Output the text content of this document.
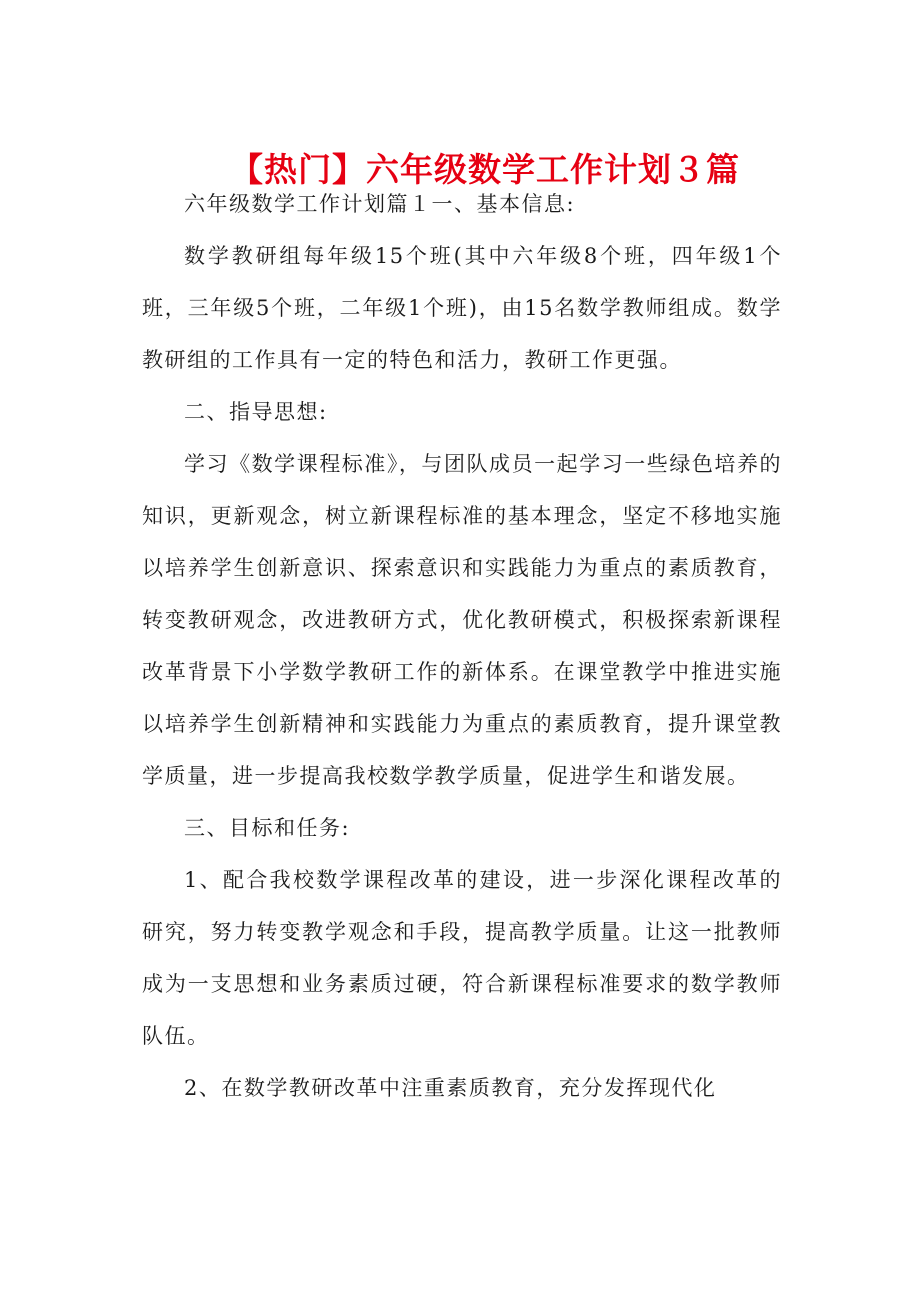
【热门】六年级数学工作计划３篇

六年级数学工作计划篇１一、基本信息:

数学教研组每年级15个班(其中六年级8个班，四年级1个班，三年级5个班，二年级1个班)，由15名数学教师组成。数学教研组的工作具有一定的特色和活力，教研工作更强。

二、指导思想:

学习《数学课程标准》，与团队成员一起学习一些绿色培养的知识，更新观念，树立新课程标准的基本理念，坚定不移地实施以培养学生创新意识、探索意识和实践能力为重点的素质教育，转变教研观念，改进教研方式，优化教研模式，积极探索新课程改革背景下小学数学教研工作的新体系。在课堂教学中推进实施以培养学生创新精神和实践能力为重点的素质教育，提升课堂教学质量，进一步提高我校数学教学质量，促进学生和谐发展。

三、目标和任务:

1、配合我校数学课程改革的建设，进一步深化课程改革的研究，努力转变教学观念和手段，提高教学质量。让这一批教师成为一支思想和业务素质过硬，符合新课程标准要求的数学教师队伍。

2、在数学教研改革中注重素质教育，充分发挥现代化
